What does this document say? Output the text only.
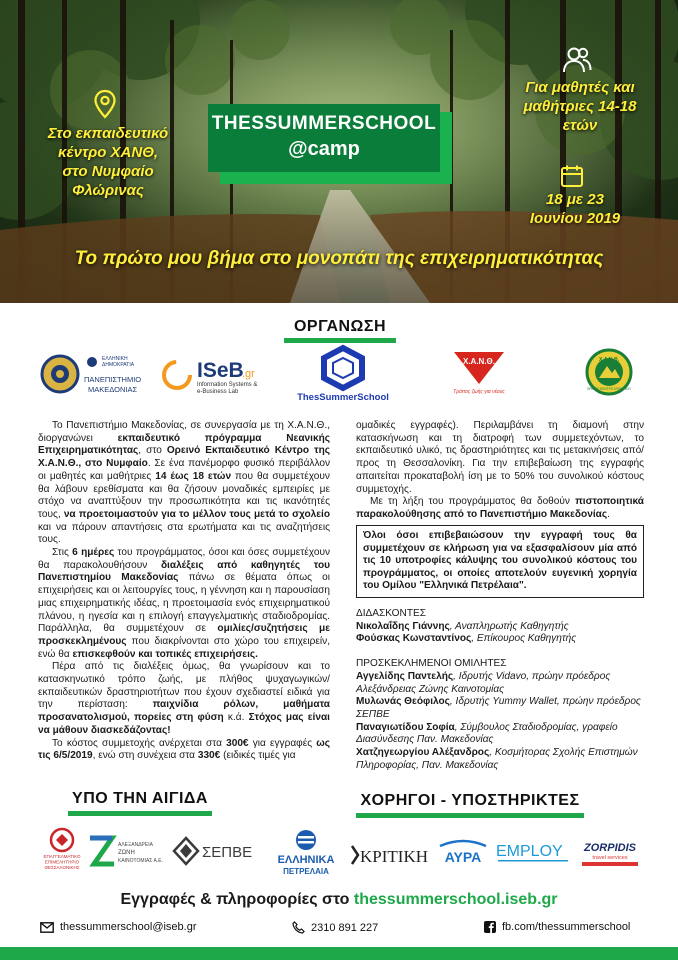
Στο εκπαιδευτικό
κέντρο ΧΑΝΘ,
στο Νυμφαίο
Φλώρινας
THESSUMMERSCHOOL
@camp
Για μαθητές και
μαθήτριες 14-18
ετών
18 με 23
Ιουνίου 2019
Το πρώτο μου βήμα στο μονοπάτι της επιχειρηματικότητας
ΟΡΓΑΝΩΣΗ
ΕΛΛΗΝΙΚΗ
ΔΗΜΟΚΡΑΤΙΑ
ΠΑΝΕΠΙΣΤΗΜΙΟ
ΜΑΚΕΔΟΝΙΑΣ
ISeB
.gr
Information Systems &
e-Business Lab	ThesSummerSchool
Χ.Α.Ν.Θ.
Τρόπος ζωής για νέους
Χ.Α.Ν.Θ.
ΟΡΕΙΝΟ ΚΕΝΤΡΟ ΝΥΜΦΑΙΟΥ

Το Πανεπιστήμιο Μακεδονίας, σε συνεργασία με τη Χ.Α.Ν.Θ., διοργανώνει εκπαιδευτικό πρόγραμμα Νεανικής Επιχειρηματικότητας, στο Ορεινό Εκπαιδευτικό Κέντρο της Χ.Α.Ν.Θ., στο Νυμφαίο. Σε ένα πανέμορφο φυσικό περιβάλλον οι μαθητές και μαθήτριες 14 έως 18 ετών που θα συμμετέχουν θα λάβουν ερεθίσματα και θα ζήσουν μοναδικές εμπειρίες με στόχο να αναπτύξουν την προσωπικότητα και τις ικανότητές τους, να προετοιμαστούν για το μέλλον τους μετά το σχολείο και να πάρουν απαντήσεις στα ερωτήματα και τις αναζητήσεις τους.

Στις 6 ημέρες του προγράμματος, όσοι και όσες συμμετέχουν θα παρακολουθήσουν διαλέξεις από καθηγητές του Πανεπιστημίου Μακεδονίας πάνω σε θέματα όπως οι επιχειρήσεις και οι λειτουργίες τους, η γέννηση και η παρουσίαση μιας επιχειρηματικής ιδέας, η προετοιμασία ενός επιχειρηματικού πλάνου, η ηγεσία και η επιλογή επαγγελματικής σταδιοδρομίας. Παράλληλα, θα συμμετέχουν σε ομιλίες/συζητήσεις με προσκεκλημένους που διακρίνονται στο χώρο του επιχειρείν, ενώ θα επισκεφθούν και τοπικές επιχειρήσεις.

Πέρα από τις διαλέξεις όμως, θα γνωρίσουν και το κατασκηνωτικό τρόπο ζωής, με πλήθος ψυχαγωγικών/ εκπαιδευτικών δραστηριοτήτων που έχουν σχεδιαστεί ειδικά για την περίσταση: παιχνίδια ρόλων, μαθήματα προσανατολισμού, πορείες στη φύση κ.ά. Στόχος μας είναι να μάθουν διασκεδάζοντας!

Το κόστος συμμετοχής ανέρχεται στα 300€ για εγγραφές ως τις 6/5/2019, ενώ στη συνέχεια στα 330€ (ειδικές τιμές για

ομαδικές εγγραφές). Περιλαμβάνει τη διαμονή στην κατασκήνωση και τη διατροφή των συμμετεχόντων, το εκπαιδευτικό υλικό, τις δραστηριότητες και τις μετακινήσεις από/προς τη Θεσσαλονίκη. Για την επιβεβαίωση της εγγραφής απαιτείται προκαταβολή ίση με το 50% του συνολικού κόστους συμμετοχής.

Με τη λήξη του προγράμματος θα δοθούν πιστοποιητικά παρακολούθησης από το Πανεπιστήμιο Μακεδονίας.

Όλοι όσοι επιβεβαιώσουν την εγγραφή τους θα συμμετέχουν σε κλήρωση για να εξασφαλίσουν μία από τις 10 υποτροφίες κάλυψης του συνολικού κόστους του προγράμματος, οι οποίες αποτελούν ευγενική χορηγία του Ομίλου "Ελληνικά Πετρέλαια".
ΔΙΔΑΣΚΟΝΤΕΣ
Νικολαΐδης Γιάννης, Αναπληρωτής Καθηγητής
Φούσκας Κωνσταντίνος, Επίκουρος Καθηγητής
ΠΡΟΣΚΕΚΛΗΜΕΝΟΙ ΟΜΙΛΗΤΕΣ
Αγγελίδης Παντελής, Ιδρυτής Vidavo, πρώην πρόεδρος Αλεξάνδρειας Ζώνης Καινοτομίας
Μυλωνάς Θεόφιλος, Ιδρυτής Yummy Wallet, πρώην πρόεδρος ΣΕΠΒΕ
Παναγιωτίδου Σοφία, Σύμβουλος Σταδιοδρομίας, γραφείο Διασύνδεσης Παν. Μακεδονίας
Χατζηγεωργίου Αλέξανδρος, Κοσμήτορας Σχολής Επιστημών Πληροφορίας, Παν. Μακεδονίας
ΥΠΟ ΤΗΝ ΑΙΓΙΔΑ	ΧΟΡΗΓΟΙ - ΥΠΟΣΤΗΡΙΚΤΕΣ
ΕΠΑΓΓΕΛΜΑΤΙΚΟ
ΕΠΙΜΕΛΗΤΗΡΙΟ
ΘΕΣΣΑΛΟΝΙΚΗΣ
ΑΛΕΞΑΝΔΡΕΙΑ
ΖΩΝΗ
ΚΑΙΝΟΤΟΜΙΑΣ Α.Ε.	ΣΕΠΒΕ ΕΛΛΗΝΙΚΑ
ΠΕΤΡΕΛΑΙΑ
ΚΡΙΤΙΚΗ ΑΥΡΑ EMPLOY ZORPIDIS
travel services
Εγγραφές & πληροφορίες στο thessummerschool.iseb.gr
thessummerschool@iseb.gr	2310 891 227	fb.com/thessummerschool
